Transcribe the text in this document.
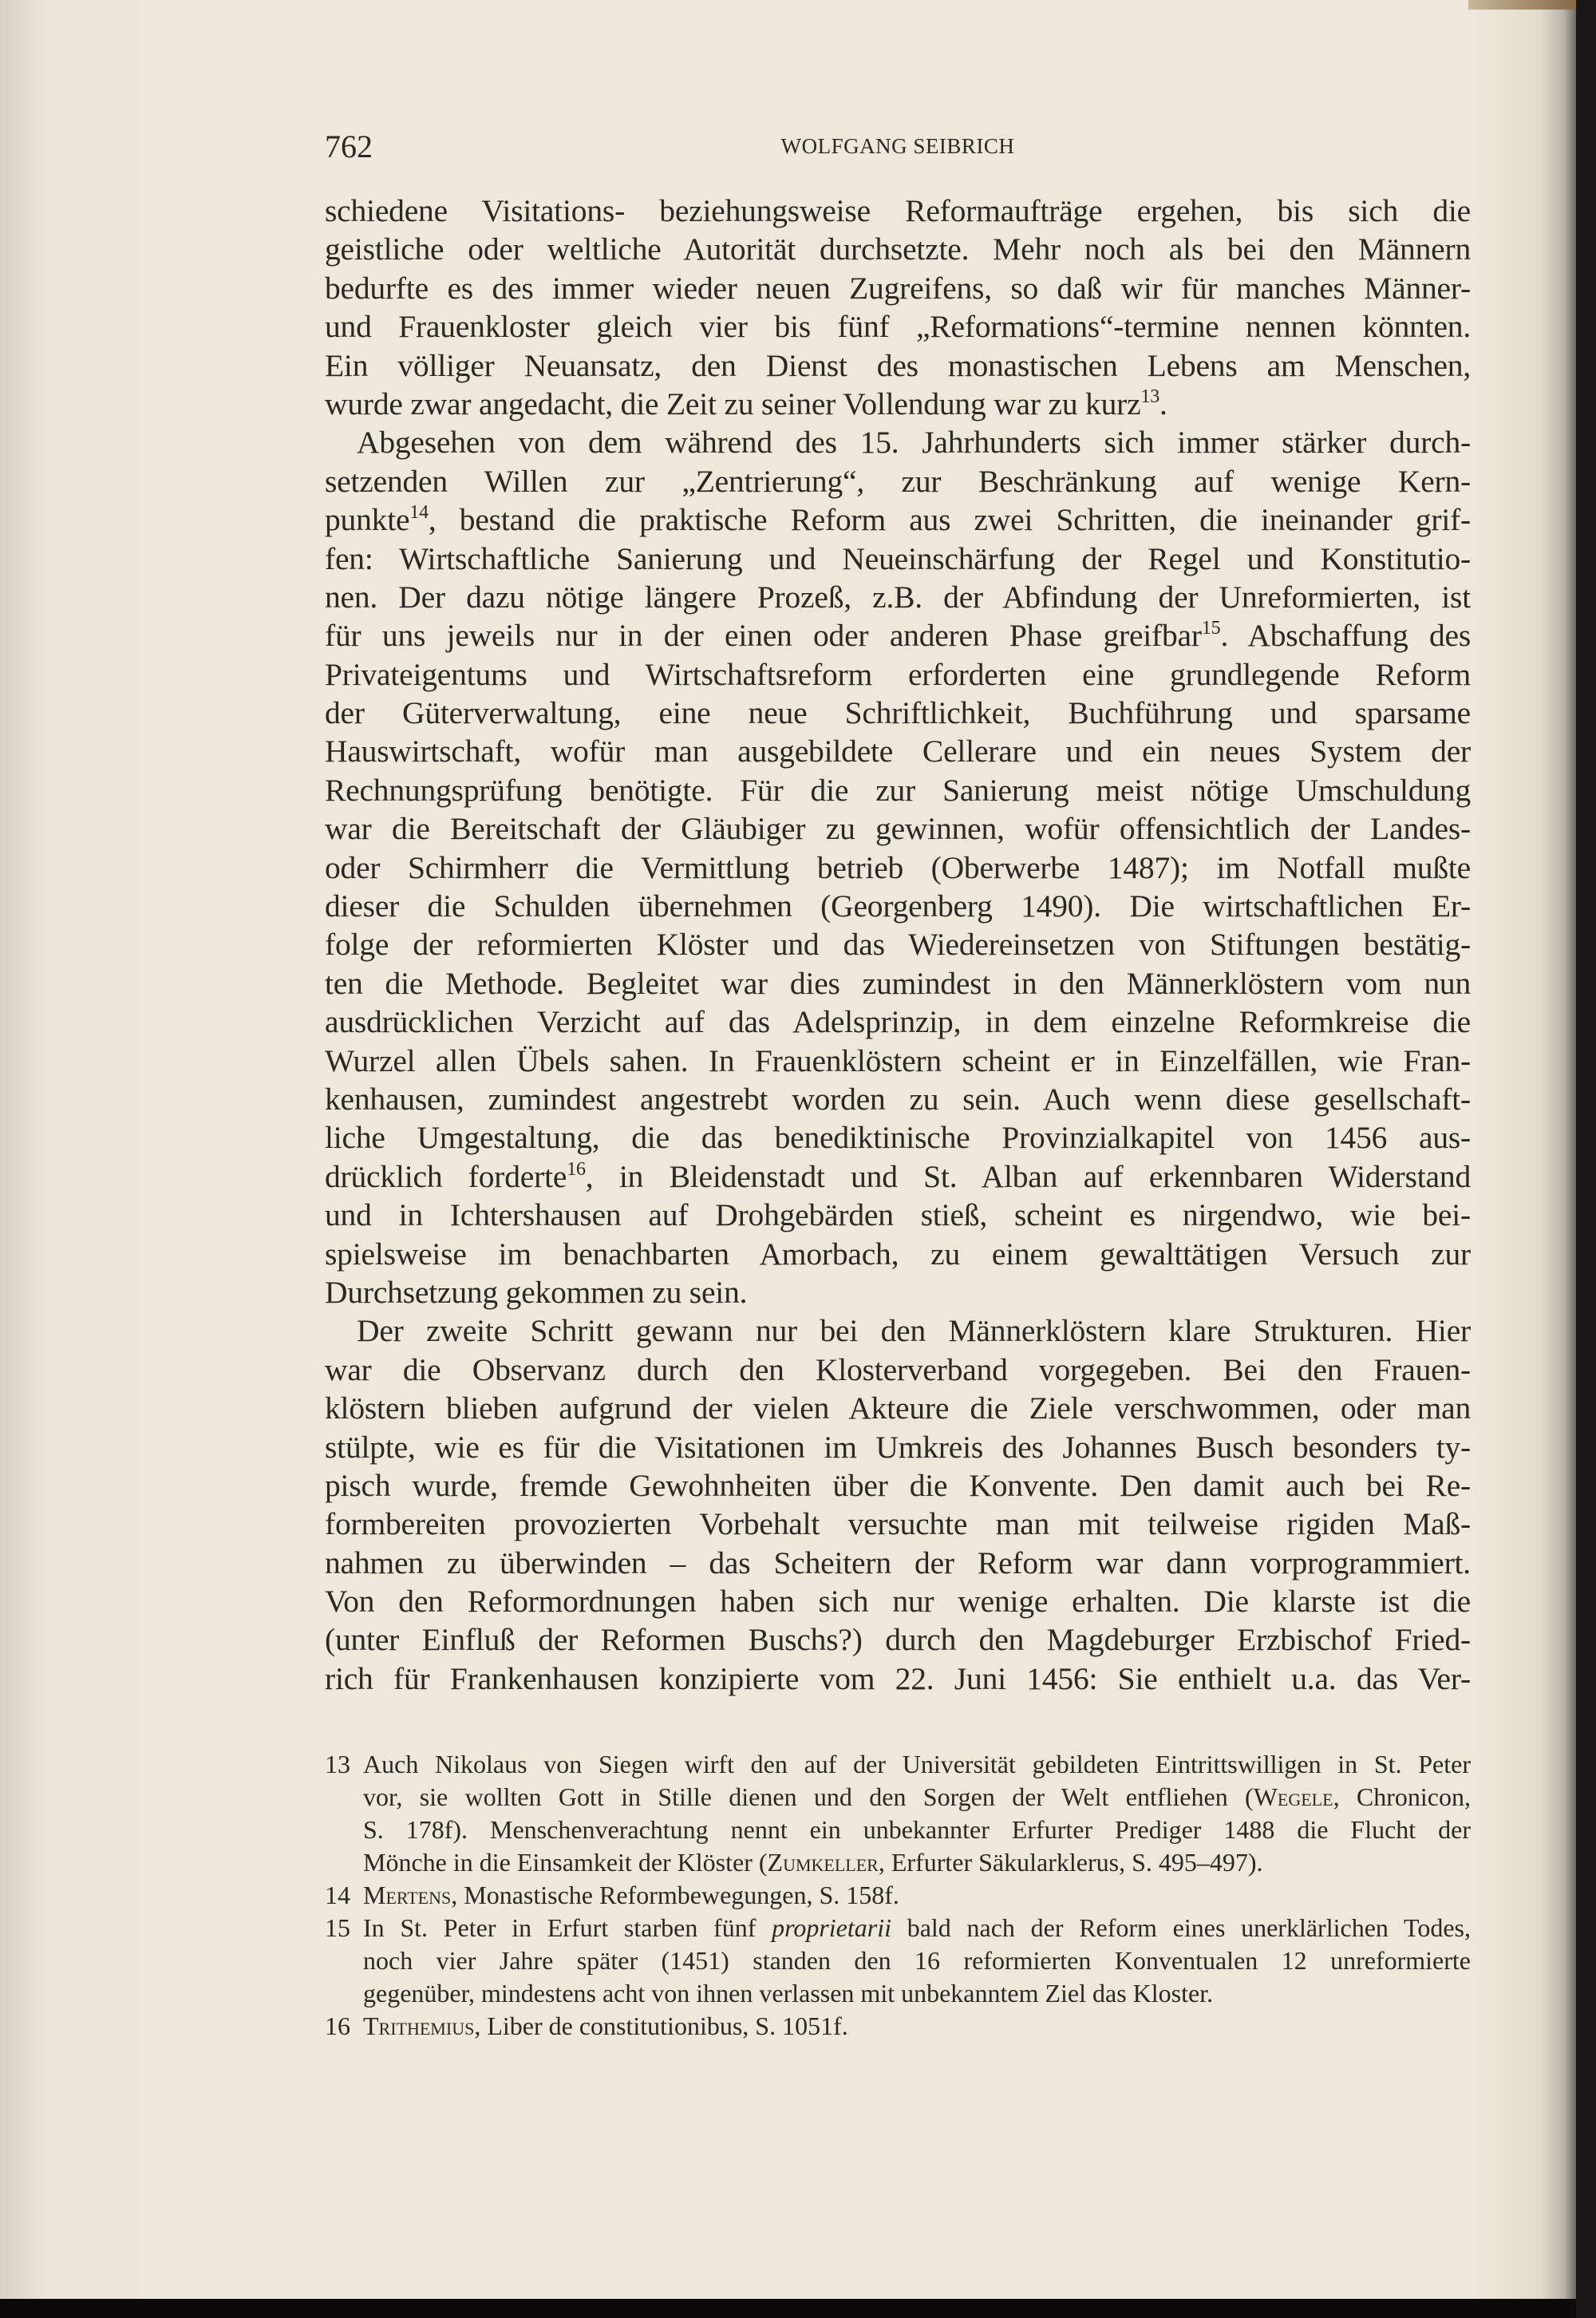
762	WOLFGANG SEIBRICH
schiedene Visitations- beziehungsweise Reformaufträge ergehen, bis sich die
geistliche oder weltliche Autorität durchsetzte. Mehr noch als bei den Männern
bedurfte es des immer wieder neuen Zugreifens, so daß wir für manches Männer-
und Frauenkloster gleich vier bis fünf „Reformations“-termine nennen könnten.
Ein völliger Neuansatz, den Dienst des monastischen Lebens am Menschen,
wurde zwar angedacht, die Zeit zu seiner Vollendung war zu kurz$^{13}$.
Abgesehen von dem während des 15. Jahrhunderts sich immer stärker durch-
setzenden Willen zur „Zentrierung“, zur Beschränkung auf wenige Kern-
punkte$^{14}$, bestand die praktische Reform aus zwei Schritten, die ineinander grif-
fen: Wirtschaftliche Sanierung und Neueinschärfung der Regel und Konstitutio-
nen. Der dazu nötige längere Prozeß, z.B. der Abfindung der Unreformierten, ist
für uns jeweils nur in der einen oder anderen Phase greifbar$^{15}$. Abschaffung des
Privateigentums und Wirtschaftsreform erforderten eine grundlegende Reform
der Güterverwaltung, eine neue Schriftlichkeit, Buchführung und sparsame
Hauswirtschaft, wofür man ausgebildete Cellerare und ein neues System der
Rechnungsprüfung benötigte. Für die zur Sanierung meist nötige Umschuldung
war die Bereitschaft der Gläubiger zu gewinnen, wofür offensichtlich der Landes-
oder Schirmherr die Vermittlung betrieb (Oberwerbe 1487); im Notfall mußte
dieser die Schulden übernehmen (Georgenberg 1490). Die wirtschaftlichen Er-
folge der reformierten Klöster und das Wiedereinsetzen von Stiftungen bestätig-
ten die Methode. Begleitet war dies zumindest in den Männerklöstern vom nun
ausdrücklichen Verzicht auf das Adelsprinzip, in dem einzelne Reformkreise die
Wurzel allen Übels sahen. In Frauenklöstern scheint er in Einzelfällen, wie Fran-
kenhausen, zumindest angestrebt worden zu sein. Auch wenn diese gesellschaft-
liche Umgestaltung, die das benediktinische Provinzialkapitel von 1456 aus-
drücklich forderte$^{16}$, in Bleidenstadt und St. Alban auf erkennbaren Widerstand
und in Ichtershausen auf Drohgebärden stieß, scheint es nirgendwo, wie bei-
spielsweise im benachbarten Amorbach, zu einem gewalttätigen Versuch zur
Durchsetzung gekommen zu sein.
Der zweite Schritt gewann nur bei den Männerklöstern klare Strukturen. Hier
war die Observanz durch den Klosterverband vorgegeben. Bei den Frauen-
klöstern blieben aufgrund der vielen Akteure die Ziele verschwommen, oder man
stülpte, wie es für die Visitationen im Umkreis des Johannes Busch besonders ty-
pisch wurde, fremde Gewohnheiten über die Konvente. Den damit auch bei Re-
formbereiten provozierten Vorbehalt versuchte man mit teilweise rigiden Maß-
nahmen zu überwinden – das Scheitern der Reform war dann vorprogrammiert.
Von den Reformordnungen haben sich nur wenige erhalten. Die klarste ist die
(unter Einfluß der Reformen Buschs?) durch den Magdeburger Erzbischof Fried-
rich für Frankenhausen konzipierte vom 22. Juni 1456: Sie enthielt u.a. das Ver-
13 Auch Nikolaus von Siegen wirft den auf der Universität gebildeten Eintrittswilligen in St. Peter
vor, sie wollten Gott in Stille dienen und den Sorgen der Welt entfliehen (Wegele, Chronicon,
S. 178f). Menschenverachtung nennt ein unbekannter Erfurter Prediger 1488 die Flucht der
Mönche in die Einsamkeit der Klöster (Zumkeller, Erfurter Säkularklerus, S. 495–497).
14 Mertens, Monastische Reformbewegungen, S. 158f.
15 In St. Peter in Erfurt starben fünf proprietarii bald nach der Reform eines unerklärlichen Todes,
noch vier Jahre später (1451) standen den 16 reformierten Konventualen 12 unreformierte
gegenüber, mindestens acht von ihnen verlassen mit unbekanntem Ziel das Kloster.
16 Trithemius, Liber de constitutionibus, S. 1051f.
